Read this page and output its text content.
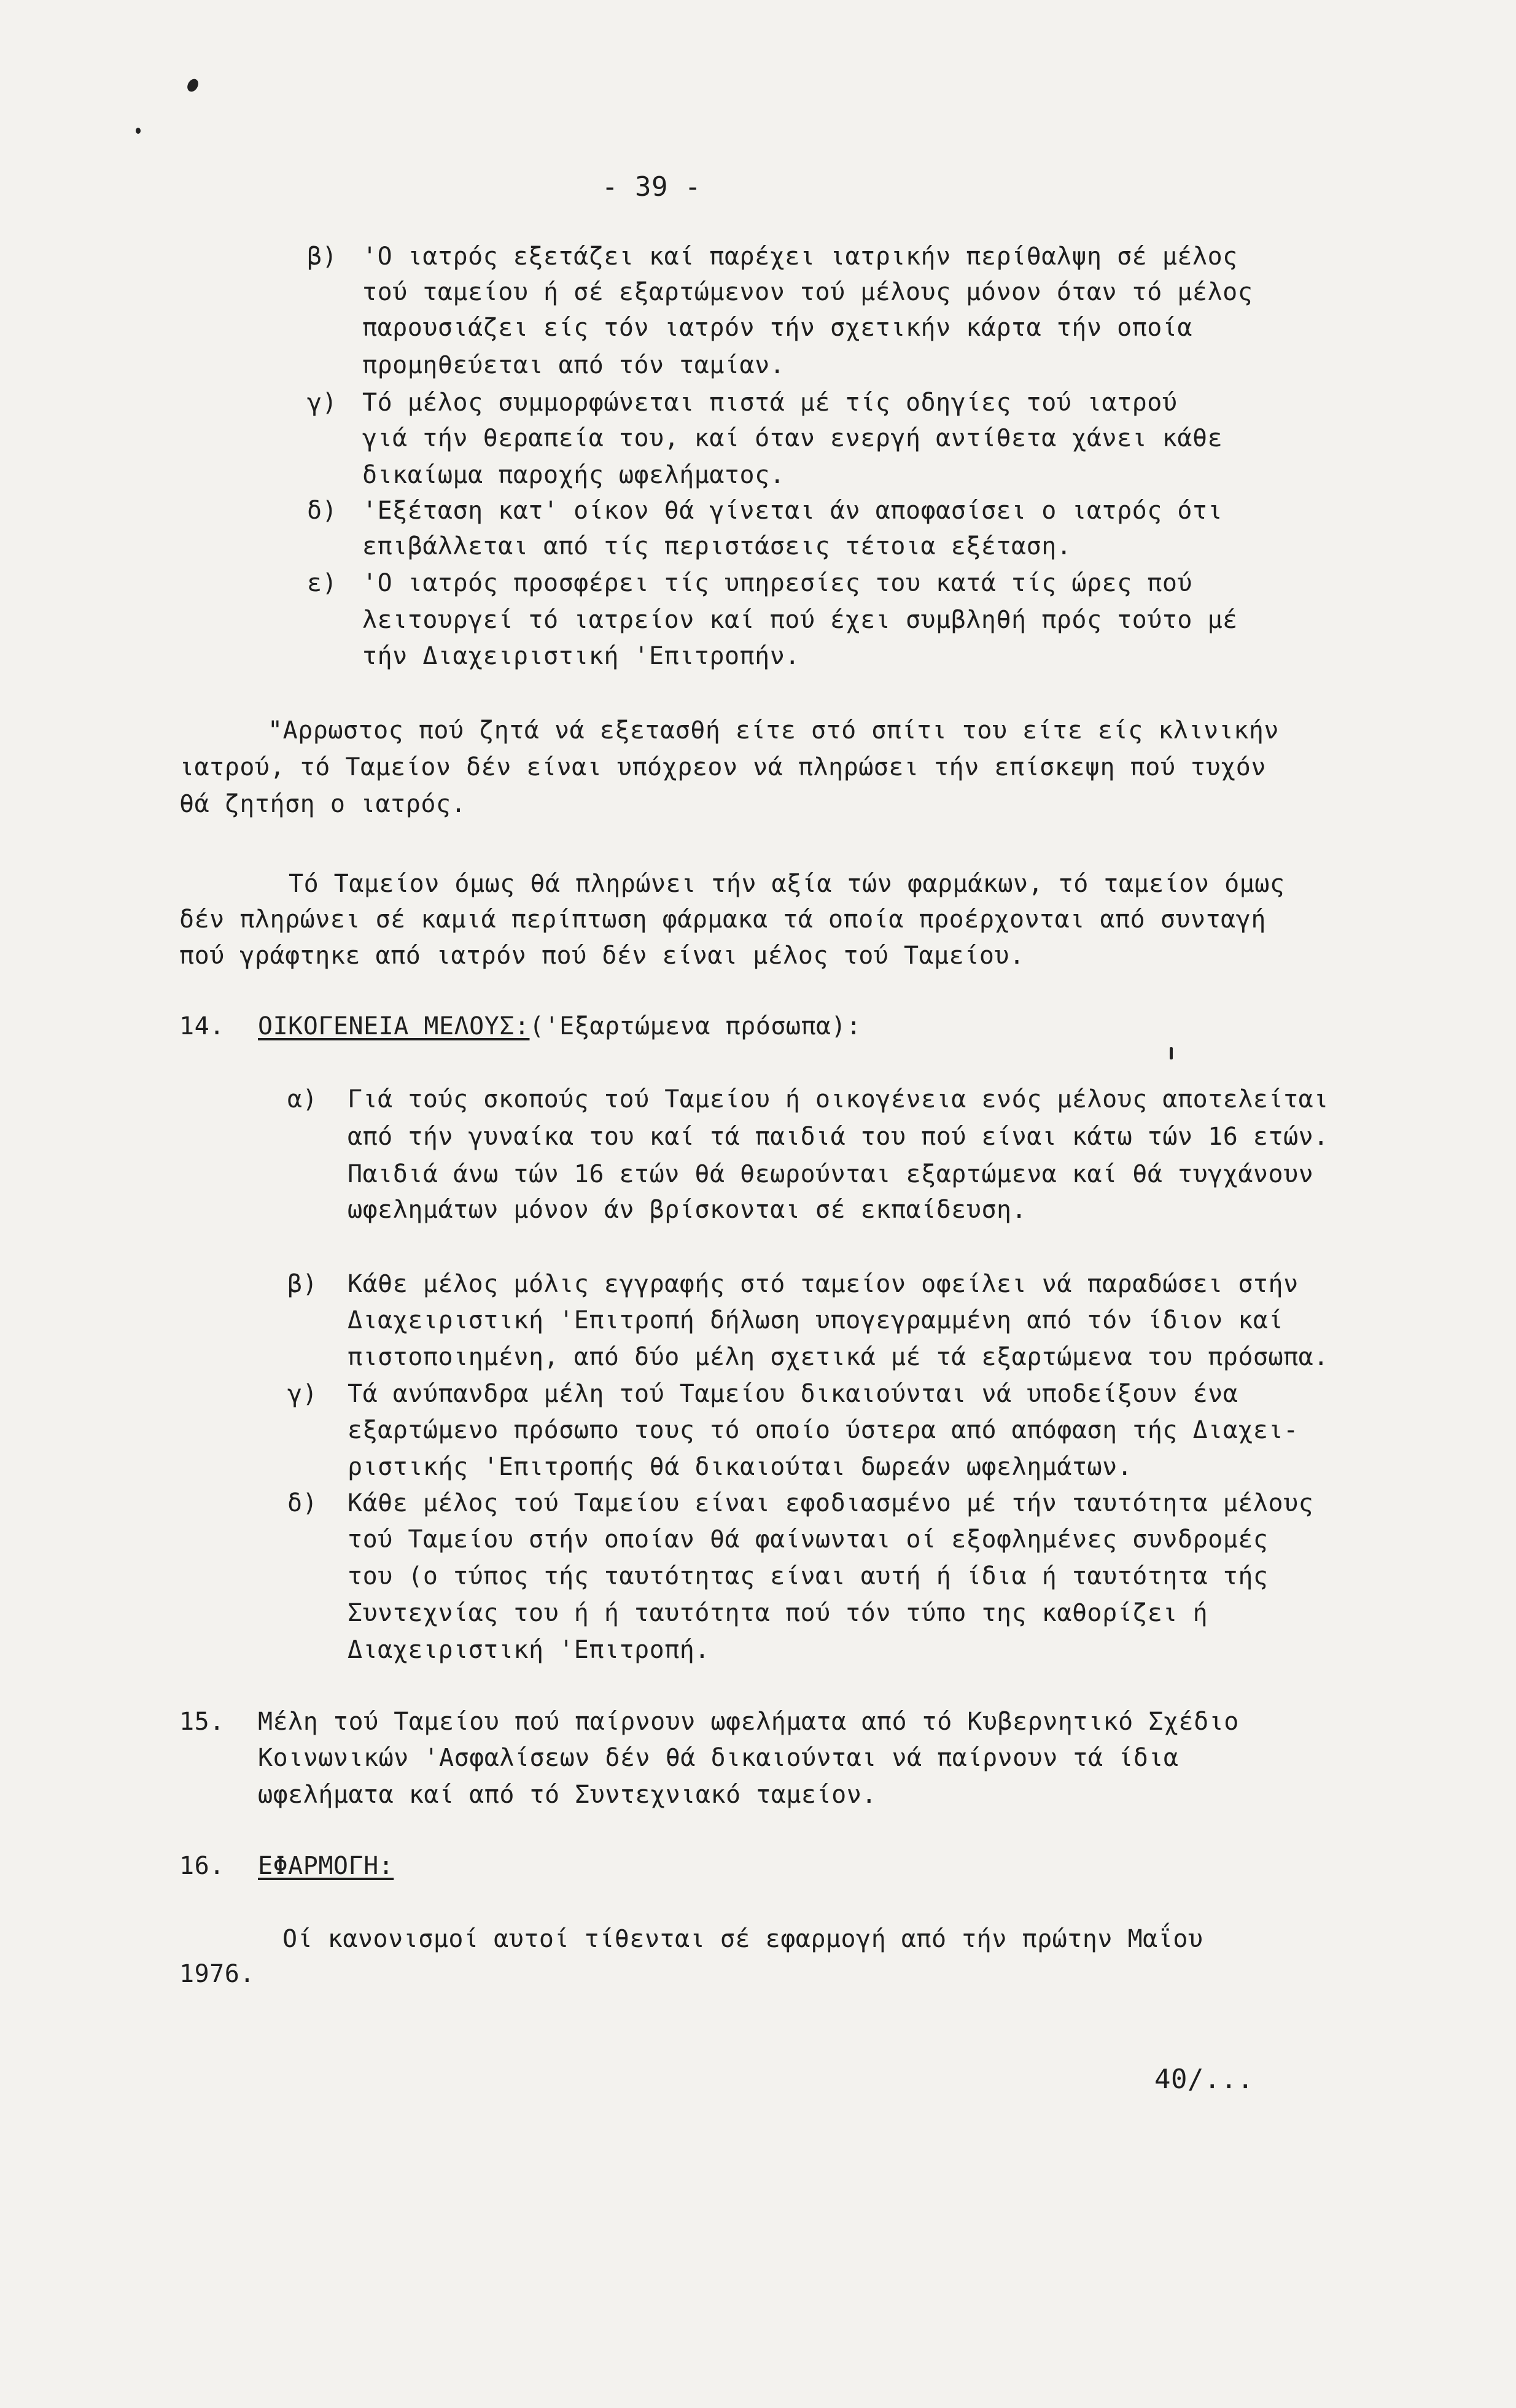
- 39 -
β) 'O ιατρός εξετάζει καί παρέχει ιατρικήν περίθαλψη σέ μέλος
τού ταμείου ή σέ εξαρτώμενον τού μέλους μόνον όταν τό μέλος
παρουσιάζει είς τόν ιατρόν τήν σχετικήν κάρτα τήν οποία
προμηθεύεται από τόν ταμίαν.
γ) Τό μέλος συμμορφώνεται πιστά μέ τίς οδηγίες τού ιατρού
γιά τήν θεραπεία του, καί όταν ενεργή αντίθετα χάνει κάθε
δικαίωμα παροχής ωφελήματος.
δ) 'Εξέταση κατ' οίκον θά γίνεται άν αποφασίσει ο ιατρός ότι
επιβάλλεται από τίς περιστάσεις τέτοια εξέταση.
ε) 'O ιατρός προσφέρει τίς υπηρεσίες του κατά τίς ώρες πού
λειτουργεί τό ιατρείον καί πού έχει συμβληθή πρός τούτο μέ
τήν Διαχειριστική 'Επιτροπήν.
"Αρρωστος πού ζητά νά εξετασθή είτε στό σπίτι του είτε είς κλινικήν
ιατρού, τό Ταμείον δέν είναι υπόχρεον νά πληρώσει τήν επίσκεψη πού τυχόν
θά ζητήση ο ιατρός.
Τό Ταμείον όμως θά πληρώνει τήν αξία τών φαρμάκων, τό ταμείον όμως
δέν πληρώνει σέ καμιά περίπτωση φάρμακα τά οποία προέρχονται από συνταγή
πού γράφτηκε από ιατρόν πού δέν είναι μέλος τού Ταμείου.
14. ΟΙΚΟΓΕΝΕΙΑ ΜΕΛΟΥΣ: ('Εξαρτώμενα πρόσωπα):
α) Γιά τούς σκοπούς τού Ταμείου ή οικογένεια ενός μέλους αποτελείται
από τήν γυναίκα του καί τά παιδιά του πού είναι κάτω τών 16 ετών.
Παιδιά άνω τών 16 ετών θά θεωρούνται εξαρτώμενα καί θά τυγχάνουν
ωφελημάτων μόνον άν βρίσκονται σέ εκπαίδευση.
β) Κάθε μέλος μόλις εγγραφής στό ταμείον οφείλει νά παραδώσει στήν
Διαχειριστική 'Επιτροπή δήλωση υπογεγραμμένη από τόν ίδιον καί
πιστοποιημένη, από δύο μέλη σχετικά μέ τά εξαρτώμενα του πρόσωπα.
γ) Τά ανύπανδρα μέλη τού Ταμείου δικαιούνται νά υποδείξουν ένα
εξαρτώμενο πρόσωπο τους τό οποίο ύστερα από απόφαση τής Διαχει-
ριστικής 'Επιτροπής θά δικαιούται δωρεάν ωφελημάτων.
δ) Κάθε μέλος τού Ταμείου είναι εφοδιασμένο μέ τήν ταυτότητα μέλους
τού Ταμείου στήν οποίαν θά φαίνωνται οί εξοφλημένες συνδρομές
του (ο τύπος τής ταυτότητας είναι αυτή ή ίδια ή ταυτότητα τής
Συντεχνίας του ή ή ταυτότητα πού τόν τύπο της καθορίζει ή
Διαχειριστική 'Επιτροπή.
15. Μέλη τού Ταμείου πού παίρνουν ωφελήματα από τό Κυβερνητικό Σχέδιο
Κοινωνικών 'Ασφαλίσεων δέν θά δικαιούνται νά παίρνουν τά ίδια
ωφελήματα καί από τό Συντεχνιακό ταμείον.
16. ΕΦΑΡΜΟΓΗ:
Οί κανονισμοί αυτοί τίθενται σέ εφαρμογή από τήν πρώτην Μαΐου
1976.
40/...
